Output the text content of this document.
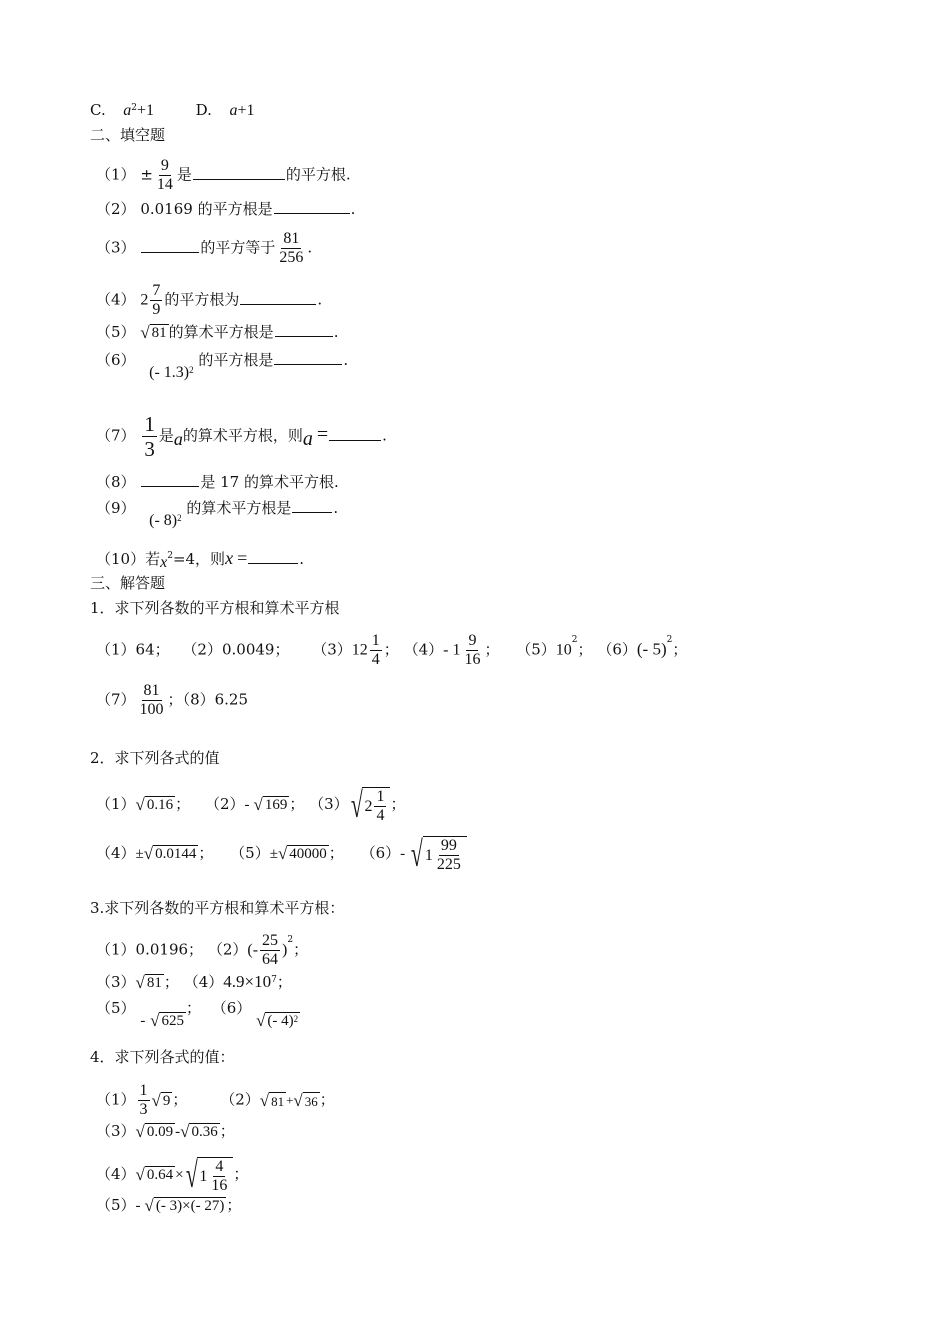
C. $a^2+1$	D. a+1
二、填空题
$(1) \pm \frac{9}{14}$ 是	的平方根.
（2） 0.0169 的平方根是	.
（3）	的平方等于 $\frac{81}{256}$ .
（4） $2 \frac{7}{9}$ 的平方根为	.
（5） √ 81 的算术平方根是	.
（6）  (- 1.3)$^2$ 的平方根是	.
$(7) \frac{1}{3}$ 是a的算术平方根，则a =	.
（8）	是 17 的算术平方根.
（9）  (- 8)$^2$ 的算术平方根是	.
（10）若$x^2=4$，则x =	.
三、解答题
1．求下列各数的平方根和算术平方根
（1）64； （2）0.0049； $(3)12 \frac{1}{4}$ ； （4）- $1 \frac{9}{16}$ ； $(5)10^2$； （6）(- 5)$^2$；
$(7) \frac{81}{100}$ ；（8）6.25
2．求下列各式的值
（1） √ 0.16 ； （2）- √ 169 ； （3） √ $2 \frac{1}{4}$ ；
（4）± √ 0.0144 ； （5）± √ 40000 ； （6）- √ $1 \frac{99}{225}$
3.求下列各数的平方根和算术平方根：
（1）0.0196； $(2)(- \frac{25}{64} )^2$；
（3） √ 81 ； $(4)4.9\times 10^7$；
（5） - √ 625
； （6）
√ (- 4)$^2$
4．求下列各式的值：
$(1) \frac{1}{3}$ √ 9 ； （2） √ 81 + √ 36 ；
（3） √ 0.09 - √ 0.36 ；
（4） √ 0.64 × √ $1 \frac{4}{16}$ ；
（5）- √ (- 3)×(- 27) ；
